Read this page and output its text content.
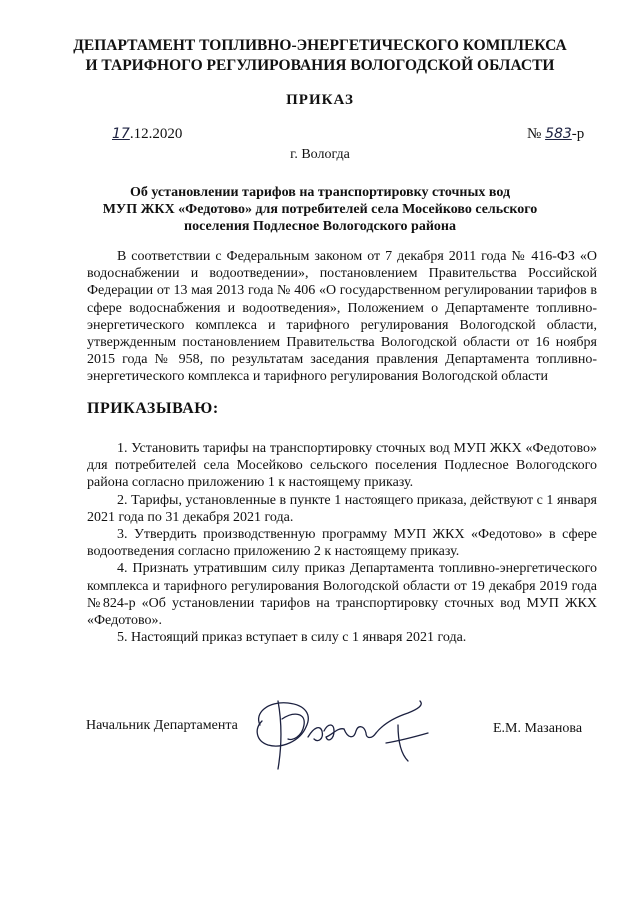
ДЕПАРТАМЕНТ ТОПЛИВНО-ЭНЕРГЕТИЧЕСКОГО КОМПЛЕКСА
И ТАРИФНОГО РЕГУЛИРОВАНИЯ ВОЛОГОДСКОЙ ОБЛАСТИ
ПРИКАЗ
17.12.2020	№ 583-р
г. Вологда
Об установлении тарифов на транспортировку сточных вод
МУП ЖКХ «Федотово» для потребителей села Мосейково сельского
поселения Подлесное Вологодского района
В соответствии с Федеральным законом от 7 декабря 2011 года № 416-ФЗ «О водоснабжении и водоотведении», постановлением Правительства Российской Федерации от 13 мая 2013 года № 406 «О государственном регулировании тарифов в сфере водоснабжения и водоотведения», Положением о Департаменте топливно-энергетического комплекса и тарифного регулирования Вологодской области, утвержденным постановлением Правительства Вологодской области от 16 ноября 2015 года № 958, по результатам заседания правления Департамента топливно-энергетического комплекса и тарифного регулирования Вологодской области
ПРИКАЗЫВАЮ:

1. Установить тарифы на транспортировку сточных вод МУП ЖКХ «Федотово» для потребителей села Мосейково сельского поселения Подлесное Вологодского района согласно приложению 1 к настоящему приказу.

2. Тарифы, установленные в пункте 1 настоящего приказа, действуют с 1 января 2021 года по 31 декабря 2021 года.

3. Утвердить производственную программу МУП ЖКХ «Федотово» в сфере водоотведения согласно приложению 2 к настоящему приказу.

4. Признать утратившим силу приказ Департамента топливно-энергетического комплекса и тарифного регулирования Вологодской области от 19 декабря 2019 года №824-р «Об установлении тарифов на транспортировку сточных вод МУП ЖКХ «Федотово».

5. Настоящий приказ вступает в силу с 1 января 2021 года.

Начальник Департамента	Е.М. Мазанова
